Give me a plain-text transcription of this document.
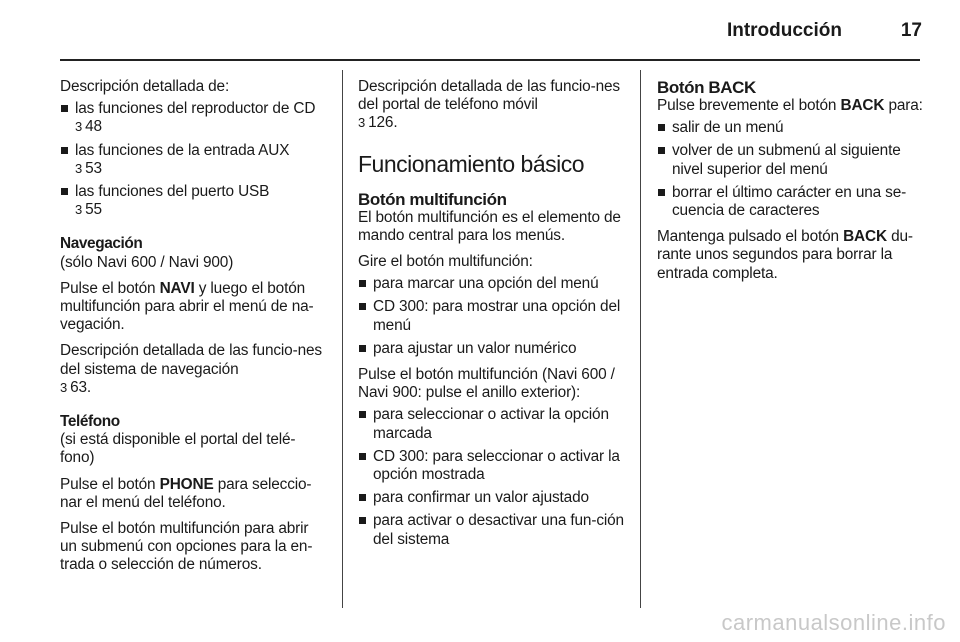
Introducción	17
Descripción detallada de:
las funciones del reproductor de CD
3 48
las funciones de la entrada AUX
3 53
las funciones del puerto USB
3 55
Navegación

(sólo Navi 600 / Navi 900)

Pulse el botón NAVI y luego el botón multifunción para abrir el menú de na-vegación.

Descripción detallada de las funcio-nes del sistema de navegación
3 63.

Teléfono

(si está disponible el portal del telé-fono)

Pulse el botón PHONE para seleccio-nar el menú del teléfono.

Pulse el botón multifunción para abrir un submenú con opciones para la en-trada o selección de números.

Descripción detallada de las funcio-nes del portal de teléfono móvil
3 126.

Funcionamiento básico
Botón multifunción

El botón multifunción es el elemento de mando central para los menús.

Gire el botón multifunción:
para marcar una opción del menú
CD 300: para mostrar una opción del menú
para ajustar un valor numérico
Pulse el botón multifunción (Navi 600 / Navi 900: pulse el anillo exterior):
para seleccionar o activar la opción marcada
CD 300: para seleccionar o activar la opción mostrada
para confirmar un valor ajustado
para activar o desactivar una fun-ción del sistema
Botón BACK
Pulse brevemente el botón BACK para:
salir de un menú
volver de un submenú al siguiente nivel superior del menú
borrar el último carácter en una se-cuencia de caracteres

Mantenga pulsado el botón BACK du-rante unos segundos para borrar la entrada completa.

carmanualsonline.info
